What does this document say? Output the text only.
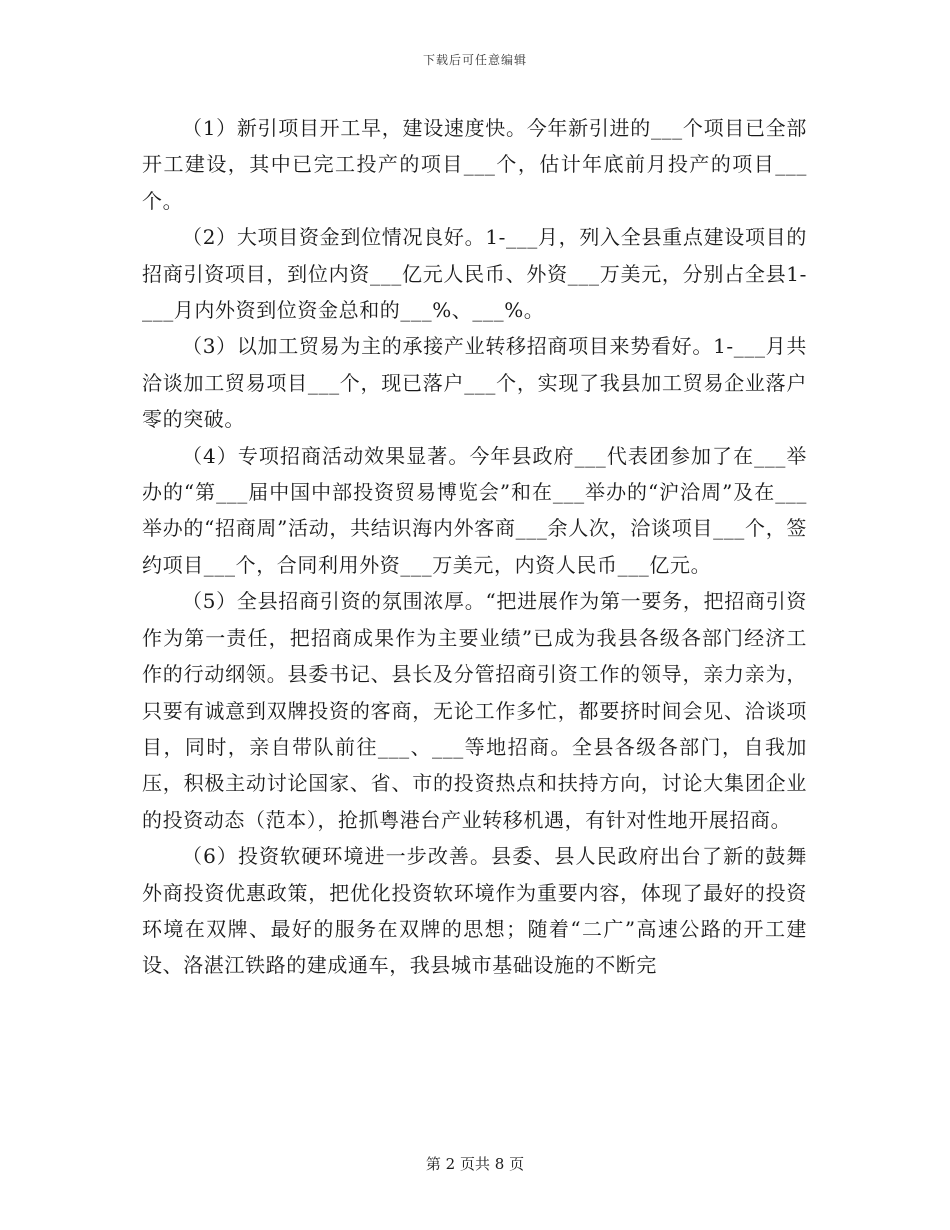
下载后可任意编辑

（1）新引项目开工早，建设速度快。今年新引进的___个项目已全部开工建设，其中已完工投产的项目___个，估计年底前月投产的项目___个。

（2）大项目资金到位情况良好。1-___月，列入全县重点建设项目的招商引资项目，到位内资___亿元人民币、外资___万美元，分别占全县1-___月内外资到位资金总和的___%、___%。

（3）以加工贸易为主的承接产业转移招商项目来势看好。1-___月共洽谈加工贸易项目___个，现已落户___个，实现了我县加工贸易企业落户零的突破。

（4）专项招商活动效果显著。今年县政府___代表团参加了在___举办的“第___届中国中部投资贸易博览会”和在___举办的“沪洽周”及在___举办的“招商周”活动，共结识海内外客商___余人次，洽谈项目___个，签约项目___个，合同利用外资___万美元，内资人民币___亿元。

（5）全县招商引资的氛围浓厚。“把进展作为第一要务，把招商引资作为第一责任，把招商成果作为主要业绩”已成为我县各级各部门经济工作的行动纲领。县委书记、县长及分管招商引资工作的领导，亲力亲为，只要有诚意到双牌投资的客商，无论工作多忙，都要挤时间会见、洽谈项目，同时，亲自带队前往___、___等地招商。全县各级各部门，自我加压，积极主动讨论国家、省、市的投资热点和扶持方向，讨论大集团企业的投资动态（范本），抢抓粤港台产业转移机遇，有针对性地开展招商。

（6）投资软硬环境进一步改善。县委、县人民政府出台了新的鼓舞外商投资优惠政策，把优化投资软环境作为重要内容，体现了最好的投资环境在双牌、最好的服务在双牌的思想；随着“二广”高速公路的开工建设、洛湛江铁路的建成通车，我县城市基础设施的不断完

第 2 页共 8 页
